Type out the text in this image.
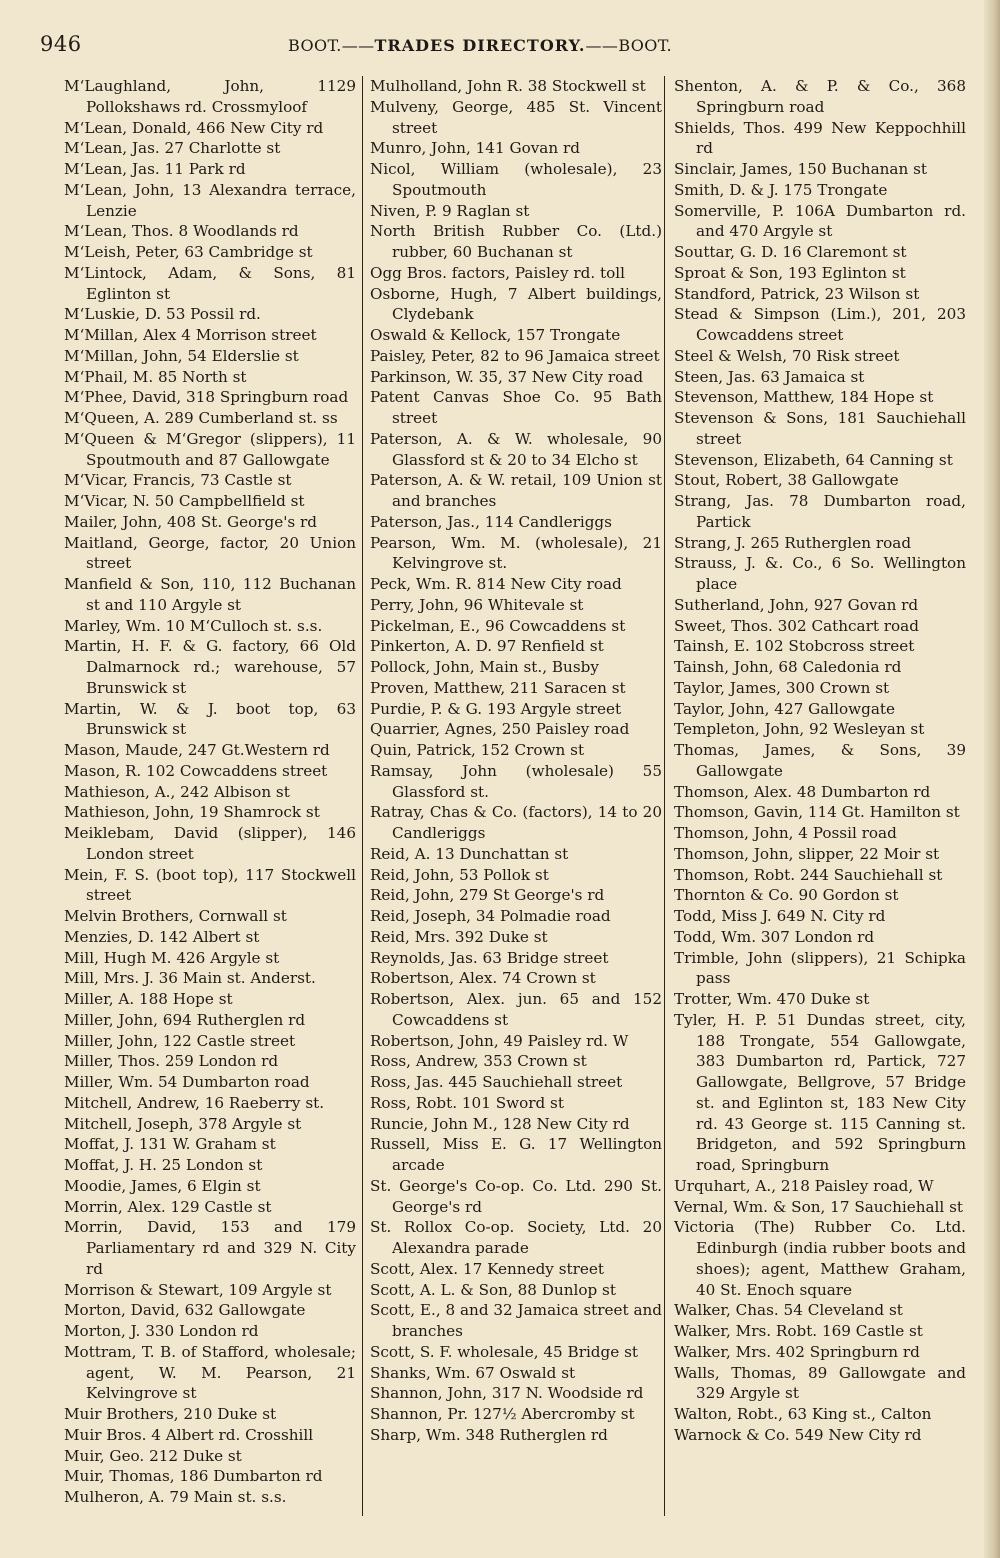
946	BOOT.——TRADES DIRECTORY.——BOOT.
M‘Laughland, John, 1129 Pollokshaws rd. Crossmyloof
M‘Lean, Donald, 466 New City rd
M‘Lean, Jas. 27 Charlotte st
M‘Lean, Jas. 11 Park rd
M‘Lean, John, 13 Alexandra terrace, Lenzie
M‘Lean, Thos. 8 Woodlands rd
M‘Leish, Peter, 63 Cambridge st
M‘Lintock, Adam, & Sons, 81 Eglinton st
M‘Luskie, D. 53 Possil rd.
M‘Millan, Alex 4 Morrison street
M‘Millan, John, 54 Elderslie st
M‘Phail, M. 85 North st
M‘Phee, David, 318 Springburn road
M‘Queen, A. 289 Cumberland st. ss
M‘Queen & M‘Gregor (slippers), 11 Spoutmouth and 87 Gallowgate
M‘Vicar, Francis, 73 Castle st
M‘Vicar, N. 50 Campbellfield st
Mailer, John, 408 St. George's rd
Maitland, George, factor, 20 Union street
Manfield & Son, 110, 112 Buchanan st and 110 Argyle st
Marley, Wm. 10 M‘Culloch st. s.s.
Martin, H. F. & G. factory, 66 Old Dalmarnock rd.; warehouse, 57 Brunswick st
Martin, W. & J. boot top, 63 Brunswick st
Mason, Maude, 247 Gt.Western rd
Mason, R. 102 Cowcaddens street
Mathieson, A., 242 Albison st
Mathieson, John, 19 Shamrock st
Meiklebam, David (slipper), 146 London street
Mein, F. S. (boot top), 117 Stockwell street
Melvin Brothers, Cornwall st
Menzies, D. 142 Albert st
Mill, Hugh M. 426 Argyle st
Mill, Mrs. J. 36 Main st. Anderst.
Miller, A. 188 Hope st
Miller, John, 694 Rutherglen rd
Miller, John, 122 Castle street
Miller, Thos. 259 London rd
Miller, Wm. 54 Dumbarton road
Mitchell, Andrew, 16 Raeberry st.
Mitchell, Joseph, 378 Argyle st
Moffat, J. 131 W. Graham st
Moffat, J. H. 25 London st
Moodie, James, 6 Elgin st
Morrin, Alex. 129 Castle st
Morrin, David, 153 and 179 Parliamentary rd and 329 N. City rd
Morrison & Stewart, 109 Argyle st
Morton, David, 632 Gallowgate
Morton, J. 330 London rd
Mottram, T. B. of Stafford, wholesale; agent, W. M. Pearson, 21 Kelvingrove st
Muir Brothers, 210 Duke st
Muir Bros. 4 Albert rd. Crosshill
Muir, Geo. 212 Duke st
Muir, Thomas, 186 Dumbarton rd
Mulheron, A. 79 Main st. s.s.
Mulholland, John R. 38 Stockwell st
Mulveny, George, 485 St. Vincent street
Munro, John, 141 Govan rd
Nicol, William (wholesale), 23 Spoutmouth
Niven, P. 9 Raglan st
North British Rubber Co. (Ltd.) rubber, 60 Buchanan st
Ogg Bros. factors, Paisley rd. toll
Osborne, Hugh, 7 Albert buildings, Clydebank
Oswald & Kellock, 157 Trongate
Paisley, Peter, 82 to 96 Jamaica street
Parkinson, W. 35, 37 New City road
Patent Canvas Shoe Co. 95 Bath street
Paterson, A. & W. wholesale, 90 Glassford st & 20 to 34 Elcho st
Paterson, A. & W. retail, 109 Union st and branches
Paterson, Jas., 114 Candleriggs
Pearson, Wm. M. (wholesale), 21 Kelvingrove st.
Peck, Wm. R. 814 New City road
Perry, John, 96 Whitevale st
Pickelman, E., 96 Cowcaddens st
Pinkerton, A. D. 97 Renfield st
Pollock, John, Main st., Busby
Proven, Matthew, 211 Saracen st
Purdie, P. & G. 193 Argyle street
Quarrier, Agnes, 250 Paisley road
Quin, Patrick, 152 Crown st
Ramsay, John (wholesale) 55 Glassford st.
Ratray, Chas & Co. (factors), 14 to 20 Candleriggs
Reid, A. 13 Dunchattan st
Reid, John, 53 Pollok st
Reid, John, 279 St George's rd
Reid, Joseph, 34 Polmadie road
Reid, Mrs. 392 Duke st
Reynolds, Jas. 63 Bridge street
Robertson, Alex. 74 Crown st
Robertson, Alex. jun. 65 and 152 Cowcaddens st
Robertson, John, 49 Paisley rd. W
Ross, Andrew, 353 Crown st
Ross, Jas. 445 Sauchiehall street
Ross, Robt. 101 Sword st
Runcie, John M., 128 New City rd
Russell, Miss E. G. 17 Wellington arcade
St. George's Co-op. Co. Ltd. 290 St. George's rd
St. Rollox Co-op. Society, Ltd. 20 Alexandra parade
Scott, Alex. 17 Kennedy street
Scott, A. L. & Son, 88 Dunlop st
Scott, E., 8 and 32 Jamaica street and branches
Scott, S. F. wholesale, 45 Bridge st
Shanks, Wm. 67 Oswald st
Shannon, John, 317 N. Woodside rd
Shannon, Pr. 127½ Abercromby st
Sharp, Wm. 348 Rutherglen rd
Shenton, A. & P. & Co., 368 Springburn road
Shields, Thos. 499 New Keppochhill rd
Sinclair, James, 150 Buchanan st
Smith, D. & J. 175 Trongate
Somerville, P. 106A Dumbarton rd. and 470 Argyle st
Souttar, G. D. 16 Claremont st
Sproat & Son, 193 Eglinton st
Standford, Patrick, 23 Wilson st
Stead & Simpson (Lim.), 201, 203 Cowcaddens street
Steel & Welsh, 70 Risk street
Steen, Jas. 63 Jamaica st
Stevenson, Matthew, 184 Hope st
Stevenson & Sons, 181 Sauchiehall street
Stevenson, Elizabeth, 64 Canning st
Stout, Robert, 38 Gallowgate
Strang, Jas. 78 Dumbarton road, Partick
Strang, J. 265 Rutherglen road
Strauss, J. &. Co., 6 So. Wellington place
Sutherland, John, 927 Govan rd
Sweet, Thos. 302 Cathcart road
Tainsh, E. 102 Stobcross street
Tainsh, John, 68 Caledonia rd
Taylor, James, 300 Crown st
Taylor, John, 427 Gallowgate
Templeton, John, 92 Wesleyan st
Thomas, James, & Sons, 39 Gallowgate
Thomson, Alex. 48 Dumbarton rd
Thomson, Gavin, 114 Gt. Hamilton st
Thomson, John, 4 Possil road
Thomson, John, slipper, 22 Moir st
Thomson, Robt. 244 Sauchiehall st
Thornton & Co. 90 Gordon st
Todd, Miss J. 649 N. City rd
Todd, Wm. 307 London rd
Trimble, John (slippers), 21 Schipka pass
Trotter, Wm. 470 Duke st
Tyler, H. P. 51 Dundas street, city, 188 Trongate, 554 Gallowgate, 383 Dumbarton rd, Partick, 727 Gallowgate, Bellgrove, 57 Bridge st. and Eglinton st, 183 New City rd. 43 George st. 115 Canning st. Bridgeton, and 592 Springburn road, Springburn
Urquhart, A., 218 Paisley road, W
Vernal, Wm. & Son, 17 Sauchiehall st
Victoria (The) Rubber Co. Ltd. Edinburgh (india rubber boots and shoes); agent, Matthew Graham, 40 St. Enoch square
Walker, Chas. 54 Cleveland st
Walker, Mrs. Robt. 169 Castle st
Walker, Mrs. 402 Springburn rd
Walls, Thomas, 89 Gallowgate and 329 Argyle st
Walton, Robt., 63 King st., Calton
Warnock & Co. 549 New City rd
